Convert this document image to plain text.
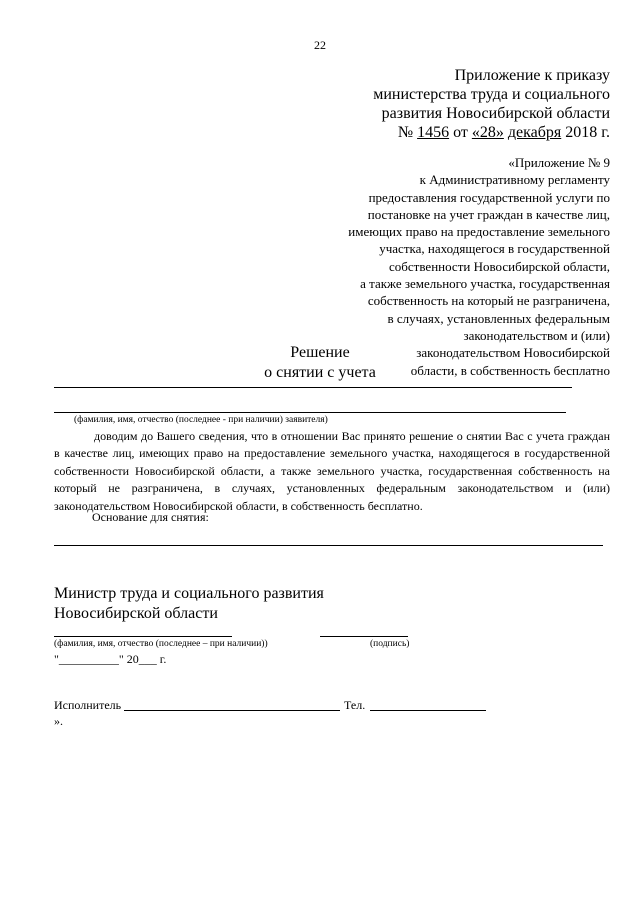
22
Приложение к приказу
министерства труда и социального
развития Новосибирской области
№ 1456 от «28» декабря 2018 г.
«Приложение № 9
к Административному регламенту
предоставления государственной услуги по
постановке на учет граждан в качестве лиц,
имеющих право на предоставление земельного
участка, находящегося в государственной
собственности Новосибирской области,
а также земельного участка, государственная
собственность на который не разграничена,
в случаях, установленных федеральным
законодательством и (или)
законодательством Новосибирской
области, в собственность бесплатно
Решение
о снятии с учета
(фамилия, имя, отчество (последнее - при наличии) заявителя)

доводим до Вашего сведения, что в отношении Вас принято решение о снятии Вас с учета граждан в качестве лиц, имеющих право на предоставление земельного участка, находящегося в государственной собственности Новосибирской области, а также земельного участка, государственная собственность на который не разграничена, в случаях, установленных федеральным законодательством и (или) законодательством Новосибирской области, в собственность бесплатно.

Основание для снятия:
Министр труда и социального развития
Новосибирской области
(фамилия, имя, отчество (последнее – при наличии))	(подпись)
"__________" 20___ г.
Исполнитель	Тел.
».
